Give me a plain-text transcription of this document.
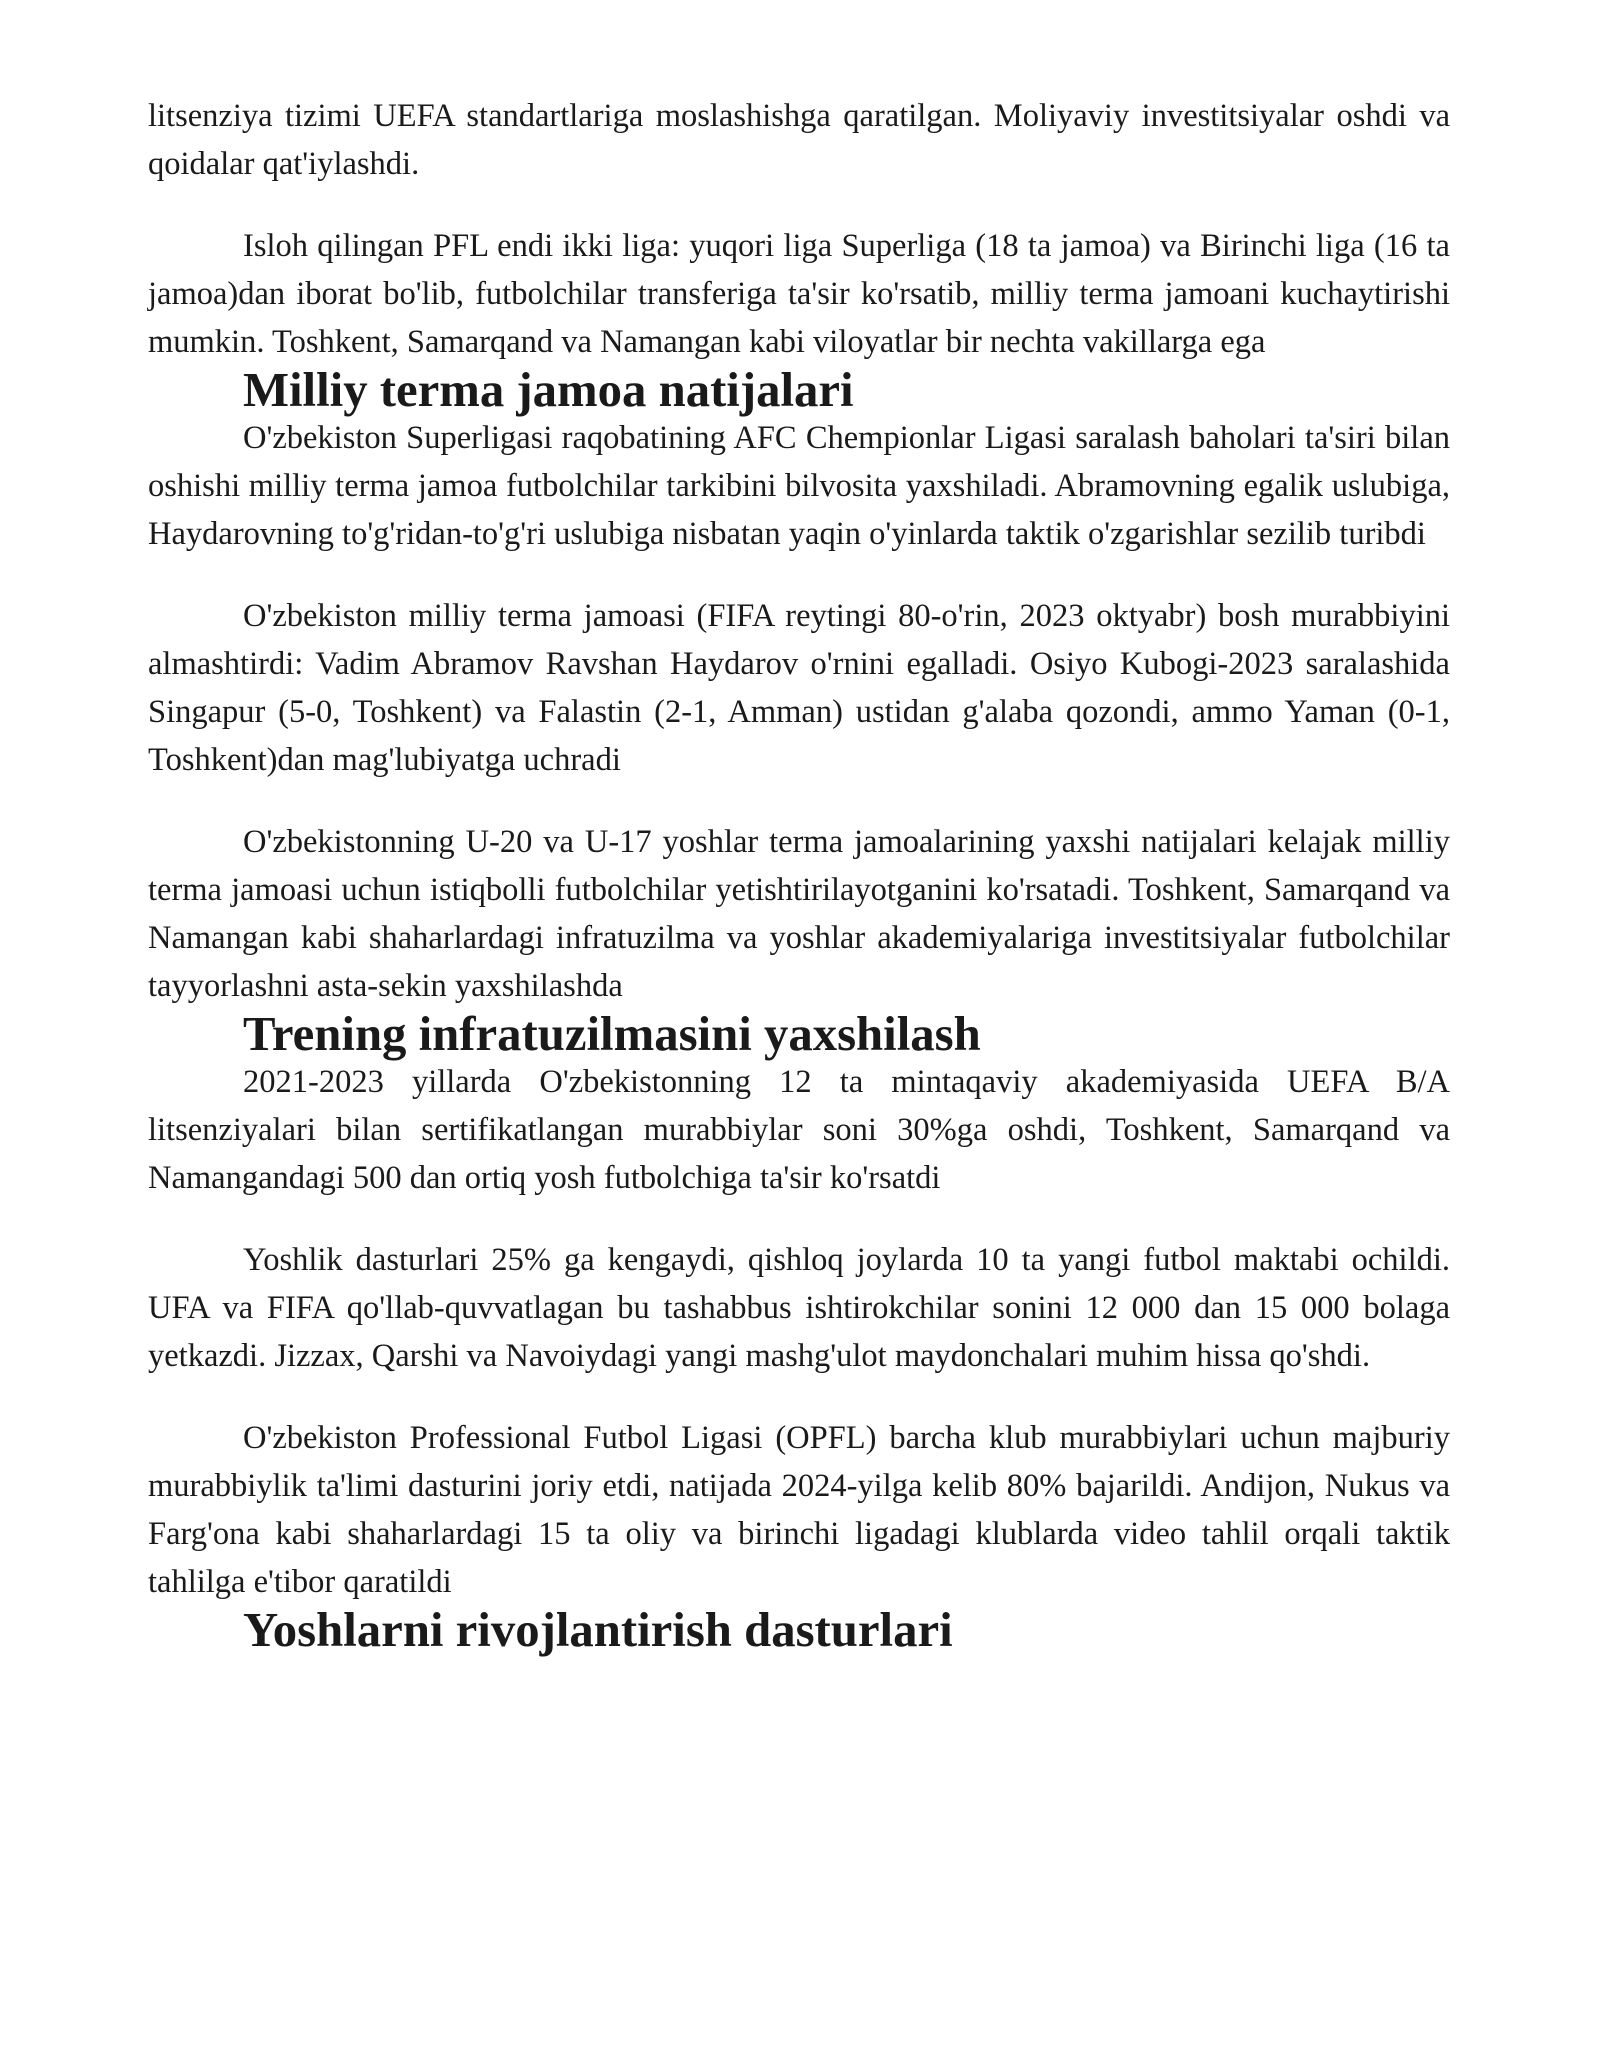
litsenziya tizimi UEFA standartlariga moslashishga qaratilgan. Moliyaviy investitsiyalar oshdi va qoidalar qat'iylashdi.

Isloh qilingan PFL endi ikki liga: yuqori liga Superliga (18 ta jamoa) va Birinchi liga (16 ta jamoa)dan iborat bo'lib, futbolchilar transferiga ta'sir ko'rsatib, milliy terma jamoani kuchaytirishi mumkin. Toshkent, Samarqand va Namangan kabi viloyatlar bir nechta vakillarga ega

Milliy terma jamoa natijalari

O'zbekiston Superligasi raqobatining AFC Chempionlar Ligasi saralash baholari ta'siri bilan oshishi milliy terma jamoa futbolchilar tarkibini bilvosita yaxshiladi. Abramovning egalik uslubiga, Haydarovning to'g'ridan-to'g'ri uslubiga nisbatan yaqin o'yinlarda taktik o'zgarishlar sezilib turibdi

O'zbekiston milliy terma jamoasi (FIFA reytingi 80-o'rin, 2023 oktyabr) bosh murabbiyini almashtirdi: Vadim Abramov Ravshan Haydarov o'rnini egalladi. Osiyo Kubogi-2023 saralashida Singapur (5-0, Toshkent) va Falastin (2-1, Amman) ustidan g'alaba qozondi, ammo Yaman (0-1, Toshkent)dan mag'lubiyatga uchradi

O'zbekistonning U-20 va U-17 yoshlar terma jamoalarining yaxshi natijalari kelajak milliy terma jamoasi uchun istiqbolli futbolchilar yetishtirilayotganini ko'rsatadi. Toshkent, Samarqand va Namangan kabi shaharlardagi infratuzilma va yoshlar akademiyalariga investitsiyalar futbolchilar tayyorlashni asta-sekin yaxshilashda

Trening infratuzilmasini yaxshilash

2021-2023 yillarda O'zbekistonning 12 ta mintaqaviy akademiyasida UEFA B/A litsenziyalari bilan sertifikatlangan murabbiylar soni 30%ga oshdi, Toshkent, Samarqand va Namangandagi 500 dan ortiq yosh futbolchiga ta'sir ko'rsatdi

Yoshlik dasturlari 25% ga kengaydi, qishloq joylarda 10 ta yangi futbol maktabi ochildi. UFA va FIFA qo'llab-quvvatlagan bu tashabbus ishtirokchilar sonini 12 000 dan 15 000 bolaga yetkazdi. Jizzax, Qarshi va Navoiydagi yangi mashg'ulot maydonchalari muhim hissa qo'shdi.

O'zbekiston Professional Futbol Ligasi (OPFL) barcha klub murabbiylari uchun majburiy murabbiylik ta'limi dasturini joriy etdi, natijada 2024-yilga kelib 80% bajarildi. Andijon, Nukus va Farg'ona kabi shaharlardagi 15 ta oliy va birinchi ligadagi klublarda video tahlil orqali taktik tahlilga e'tibor qaratildi

Yoshlarni rivojlantirish dasturlari
